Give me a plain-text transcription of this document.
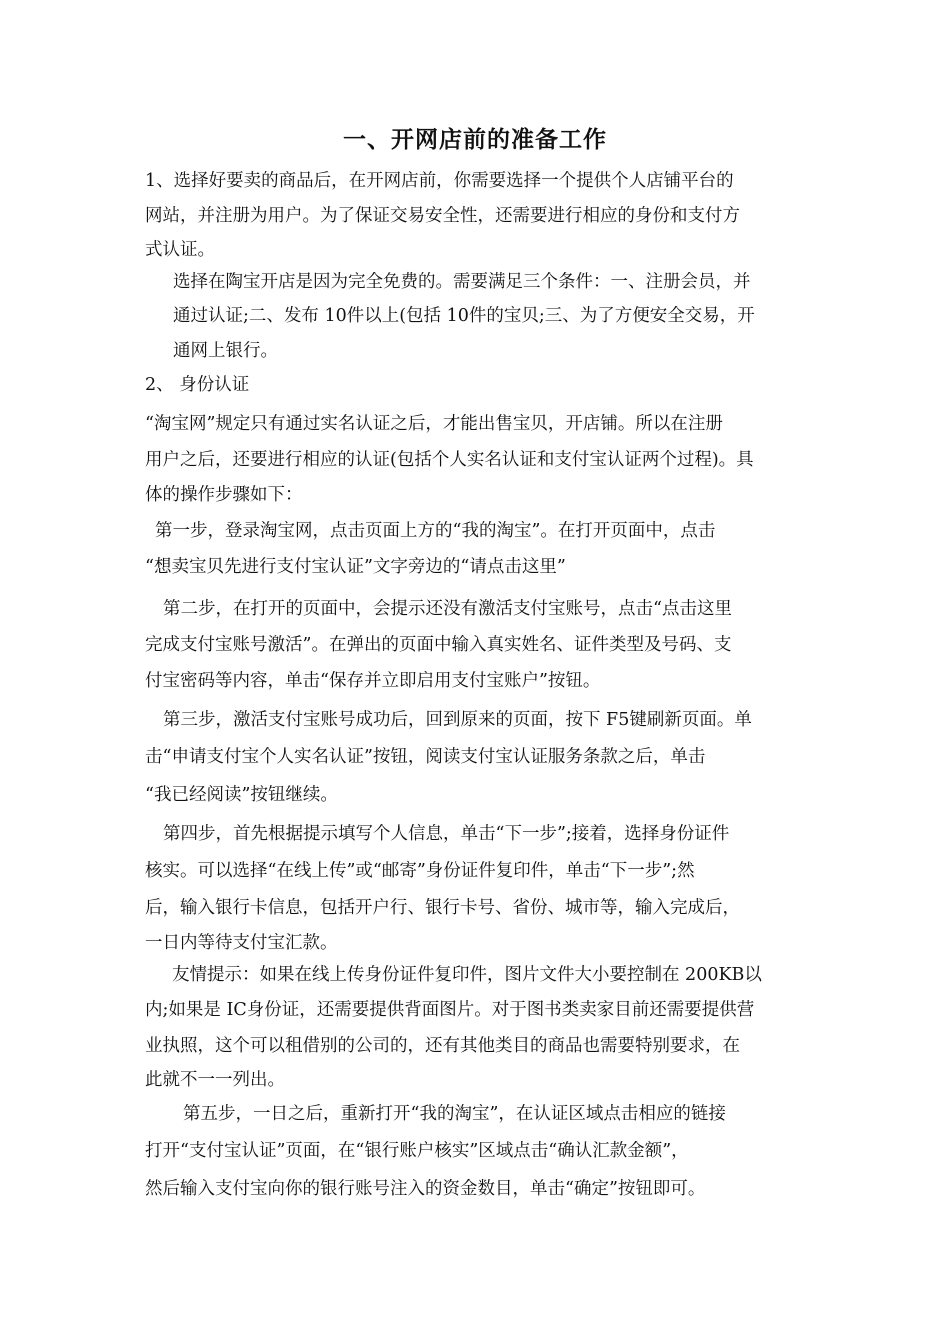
一、开网店前的准备工作
1、选择好要卖的商品后，在开网店前，你需要选择一个提供个人店铺平台的
网站，并注册为用户。为了保证交易安全性，还需要进行相应的身份和支付方
式认证。
选择在陶宝开店是因为完全免费的。需要满足三个条件：一、注册会员，并
通过认证;二、发布 10件以上(包括 10件的宝贝;三、为了方便安全交易，开
通网上银行。
2、 身份认证
“淘宝网”规定只有通过实名认证之后，才能出售宝贝，开店铺。所以在注册
用户之后，还要进行相应的认证(包括个人实名认证和支付宝认证两个过程)。具
体的操作步骤如下：
第一步，登录淘宝网，点击页面上方的“我的淘宝”。在打开页面中，点击
“想卖宝贝先进行支付宝认证”文字旁边的“请点击这里”
第二步，在打开的页面中，会提示还没有激活支付宝账号，点击“点击这里
完成支付宝账号激活”。在弹出的页面中输入真实姓名、证件类型及号码、支
付宝密码等内容，单击“保存并立即启用支付宝账户”按钮。
第三步，激活支付宝账号成功后，回到原来的页面，按下 F5键刷新页面。单
击“申请支付宝个人实名认证”按钮，阅读支付宝认证服务条款之后，单击
“我已经阅读”按钮继续。
第四步，首先根据提示填写个人信息，单击“下一步”;接着，选择身份证件
核实。可以选择“在线上传”或“邮寄”身份证件复印件，单击“下一步”;然
后，输入银行卡信息，包括开户行、银行卡号、省份、城市等，输入完成后，
一日内等待支付宝汇款。
友情提示：如果在线上传身份证件复印件，图片文件大小要控制在 200KB以
内;如果是 IC身份证，还需要提供背面图片。对于图书类卖家目前还需要提供营
业执照，这个可以租借别的公司的，还有其他类目的商品也需要特别要求，在
此就不一一列出。
第五步，一日之后，重新打开“我的淘宝”，在认证区域点击相应的链接
打开“支付宝认证”页面，在“银行账户核实”区域点击“确认汇款金额”，
然后输入支付宝向你的银行账号注入的资金数目，单击“确定”按钮即可。
